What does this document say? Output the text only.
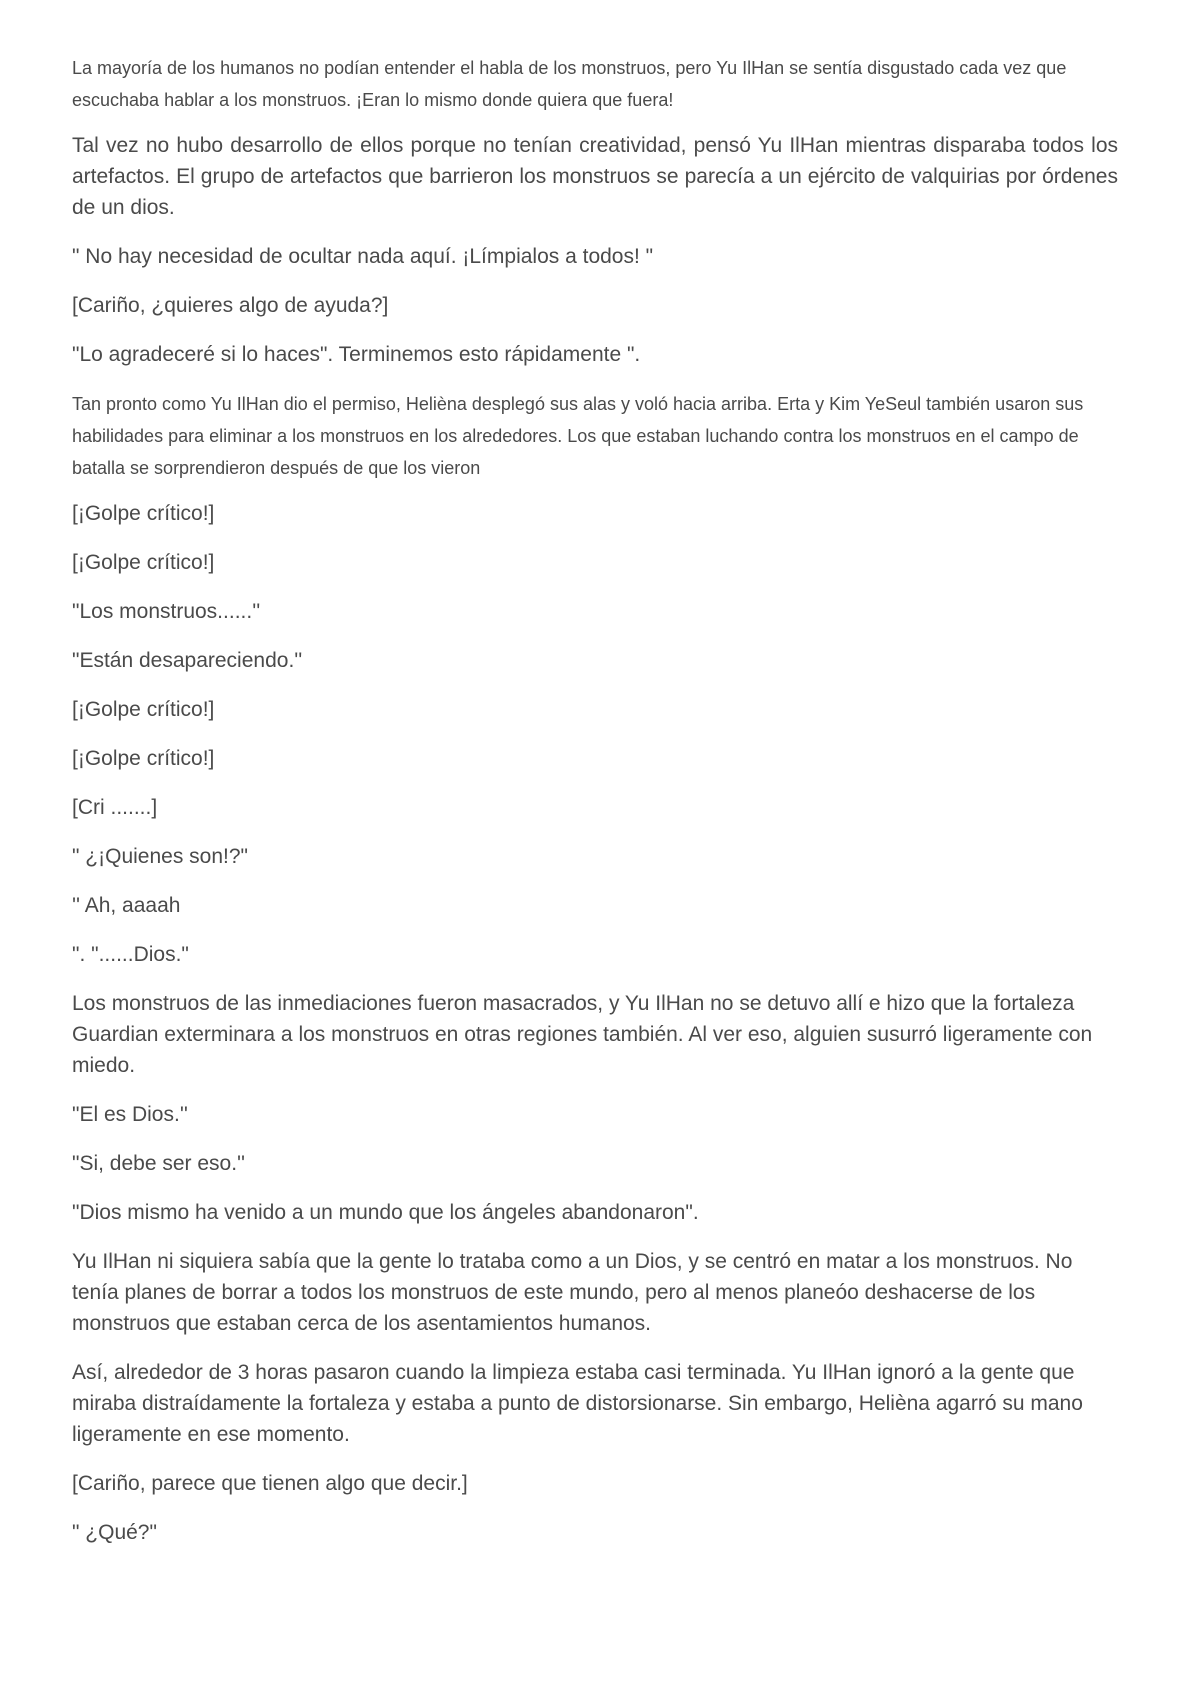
La mayoría de los humanos no podían entender el habla de los monstruos, pero Yu IlHan se sentía disgustado cada vez que escuchaba hablar a los monstruos. ¡Eran lo mismo donde quiera que fuera!

Tal vez no hubo desarrollo de ellos porque no tenían creatividad, pensó Yu IlHan mientras disparaba todos los artefactos. El grupo de artefactos que barrieron los monstruos se parecía a un ejército de valquirias por órdenes de un dios.

" No hay necesidad de ocultar nada aquí. ¡Límpialos a todos! "

[Cariño, ¿quieres algo de ayuda?]

"Lo agradeceré si lo haces". Terminemos esto rápidamente ".

Tan pronto como Yu IlHan dio el permiso, Helièna desplegó sus alas y voló hacia arriba. Erta y Kim YeSeul también usaron sus habilidades para eliminar a los monstruos en los alrededores. Los que estaban luchando contra los monstruos en el campo de batalla se sorprendieron después de que los vieron

[¡Golpe crítico!]

[¡Golpe crítico!]

"Los monstruos......''

"Están desapareciendo.''

[¡Golpe crítico!]

[¡Golpe crítico!]

[Cri .......]

" ¿¡Quienes son!?"

'' Ah, aaaah

". "......Dios."

Los monstruos de las inmediaciones fueron masacrados, y Yu IlHan no se detuvo allí e hizo que la fortaleza Guardian exterminara a los monstruos en otras regiones también. Al ver eso, alguien susurró ligeramente con miedo.

"El es Dios.''

"Si, debe ser eso.''

"Dios mismo ha venido a un mundo que los ángeles abandonaron".

Yu IlHan ni siquiera sabía que la gente lo trataba como a un Dios, y se centró en matar a los monstruos. No tenía planes de borrar a todos los monstruos de este mundo, pero al menos planeóo deshacerse de los monstruos que estaban cerca de los asentamientos humanos.

Así, alrededor de 3 horas pasaron cuando la limpieza estaba casi terminada. Yu IlHan ignoró a la gente que miraba distraídamente la fortaleza y estaba a punto de distorsionarse. Sin embargo, Helièna agarró su mano ligeramente en ese momento.

[Cariño, parece que tienen algo que decir.]

" ¿Qué?"
